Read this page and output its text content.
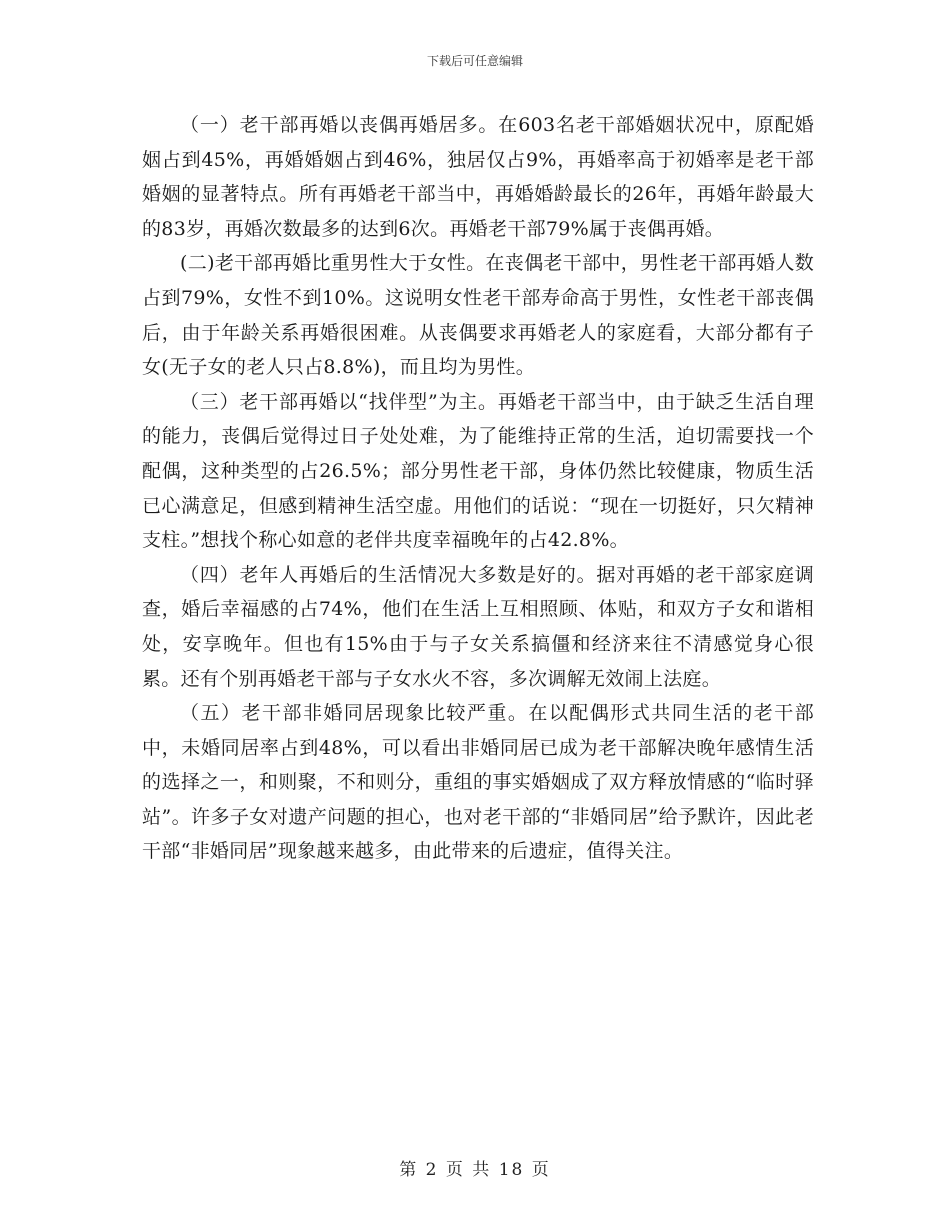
下载后可任意编辑

（一）老干部再婚以丧偶再婚居多。在603名老干部婚姻状况中，原配婚姻占到45%，再婚婚姻占到46%，独居仅占9%，再婚率高于初婚率是老干部婚姻的显著特点。所有再婚老干部当中，再婚婚龄最长的26年，再婚年龄最大的83岁，再婚次数最多的达到6次。再婚老干部79%属于丧偶再婚。

(二)老干部再婚比重男性大于女性。在丧偶老干部中，男性老干部再婚人数占到79%，女性不到10%。这说明女性老干部寿命高于男性，女性老干部丧偶后，由于年龄关系再婚很困难。从丧偶要求再婚老人的家庭看，大部分都有子女(无子女的老人只占8.8%)，而且均为男性。

（三）老干部再婚以“找伴型”为主。再婚老干部当中，由于缺乏生活自理的能力，丧偶后觉得过日子处处难，为了能维持正常的生活，迫切需要找一个配偶，这种类型的占26.5%；部分男性老干部，身体仍然比较健康，物质生活已心满意足，但感到精神生活空虚。用他们的话说：“现在一切挺好，只欠精神支柱。”想找个称心如意的老伴共度幸福晚年的占42.8%。

（四）老年人再婚后的生活情况大多数是好的。据对再婚的老干部家庭调查，婚后幸福感的占74%，他们在生活上互相照顾、体贴，和双方子女和谐相处，安享晚年。但也有15%由于与子女关系搞僵和经济来往不清感觉身心很累。还有个别再婚老干部与子女水火不容，多次调解无效闹上法庭。

（五）老干部非婚同居现象比较严重。在以配偶形式共同生活的老干部中，未婚同居率占到48%，可以看出非婚同居已成为老干部解决晚年感情生活的选择之一，和则聚，不和则分，重组的事实婚姻成了双方释放情感的“临时驿站”。许多子女对遗产问题的担心，也对老干部的“非婚同居”给予默许，因此老干部“非婚同居”现象越来越多，由此带来的后遗症，值得关注。

第 2 页 共 18 页
